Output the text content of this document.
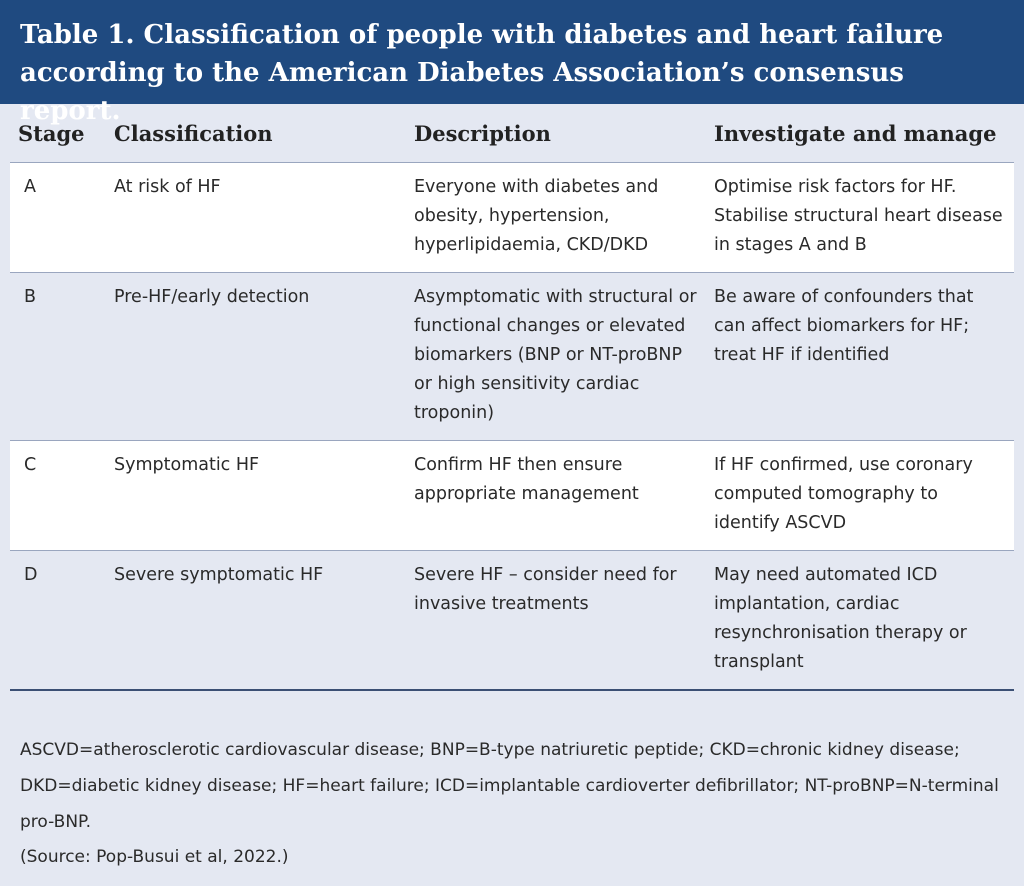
Table 1. Classification of people with diabetes and heart failure according to the American Diabetes Association’s consensus report.
Stage	Classification	Description	Investigate and manage
A	At risk of HF	Everyone with diabetes and obesity, hypertension, hyperlipidaemia, CKD/DKD	Optimise risk factors for HF. Stabilise structural heart disease in stages A and B
B	Pre-HF/early detection	Asymptomatic with structural or functional changes or elevated biomarkers (BNP or NT-proBNP or high sensitivity cardiac troponin)	Be aware of confounders that can affect biomarkers for HF; treat HF if identified
C	Symptomatic HF	Confirm HF then ensure appropriate management	If HF confirmed, use coronary computed tomography to identify ASCVD
D	Severe symptomatic HF	Severe HF – consider need for invasive treatments	May need automated ICD implantation, cardiac resynchronisation therapy or transplant
ASCVD=atherosclerotic cardiovascular disease; BNP=B-type natriuretic peptide; CKD=chronic kidney disease; DKD=diabetic kidney disease; HF=heart failure; ICD=implantable cardioverter defibrillator; NT-proBNP=N-terminal pro-BNP.
(Source: Pop-Busui et al, 2022.)
